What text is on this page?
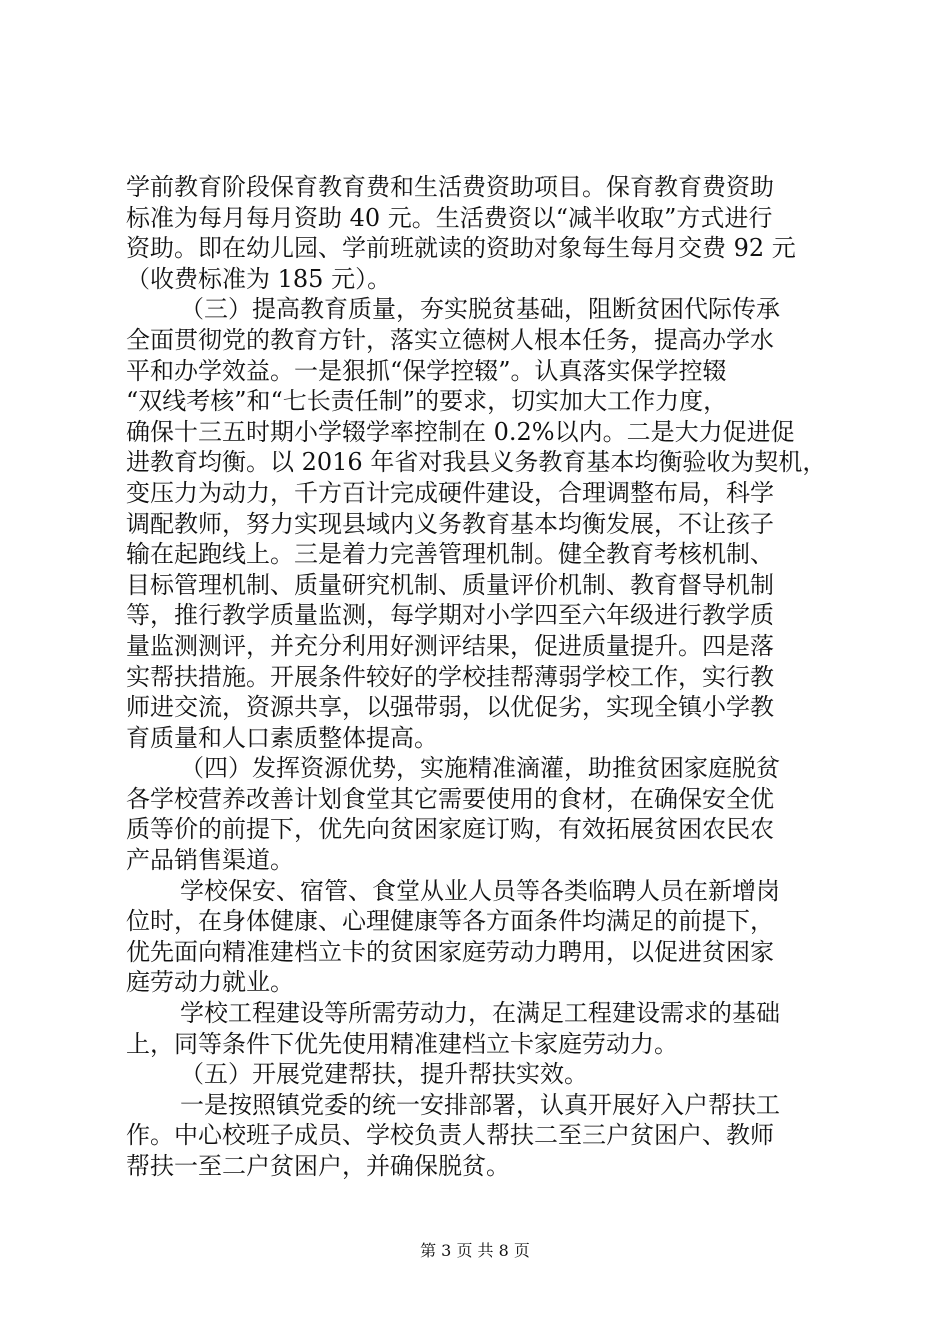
学前教育阶段保育教育费和生活费资助项目。保育教育费资助
标准为每月每月资助 40 元。生活费资以“减半收取”方式进行
资助。即在幼儿园、学前班就读的资助对象每生每月交费 92 元
（收费标准为 185 元）。
（三）提高教育质量，夯实脱贫基础，阻断贫困代际传承
全面贯彻党的教育方针，落实立德树人根本任务，提高办学水
平和办学效益。一是狠抓“保学控辍”。认真落实保学控辍
“双线考核”和“七长责任制”的要求，切实加大工作力度，
确保十三五时期小学辍学率控制在 0.2%以内。二是大力促进促
进教育均衡。以 2016 年省对我县义务教育基本均衡验收为契机，
变压力为动力，千方百计完成硬件建设，合理调整布局，科学
调配教师，努力实现县域内义务教育基本均衡发展，不让孩子
输在起跑线上。三是着力完善管理机制。健全教育考核机制、
目标管理机制、质量研究机制、质量评价机制、教育督导机制
等，推行教学质量监测，每学期对小学四至六年级进行教学质
量监测测评，并充分利用好测评结果，促进质量提升。四是落
实帮扶措施。开展条件较好的学校挂帮薄弱学校工作，实行教
师进交流，资源共享，以强带弱，以优促劣，实现全镇小学教
育质量和人口素质整体提高。
（四）发挥资源优势，实施精准滴灌，助推贫困家庭脱贫
各学校营养改善计划食堂其它需要使用的食材，在确保安全优
质等价的前提下，优先向贫困家庭订购，有效拓展贫困农民农
产品销售渠道。
学校保安、宿管、食堂从业人员等各类临聘人员在新增岗
位时，在身体健康、心理健康等各方面条件均满足的前提下，
优先面向精准建档立卡的贫困家庭劳动力聘用，以促进贫困家
庭劳动力就业。
学校工程建设等所需劳动力，在满足工程建设需求的基础
上，同等条件下优先使用精准建档立卡家庭劳动力。
（五）开展党建帮扶，提升帮扶实效。
一是按照镇党委的统一安排部署，认真开展好入户帮扶工
作。中心校班子成员、学校负责人帮扶二至三户贫困户、教师
帮扶一至二户贫困户，并确保脱贫。
第 3 页 共 8 页
